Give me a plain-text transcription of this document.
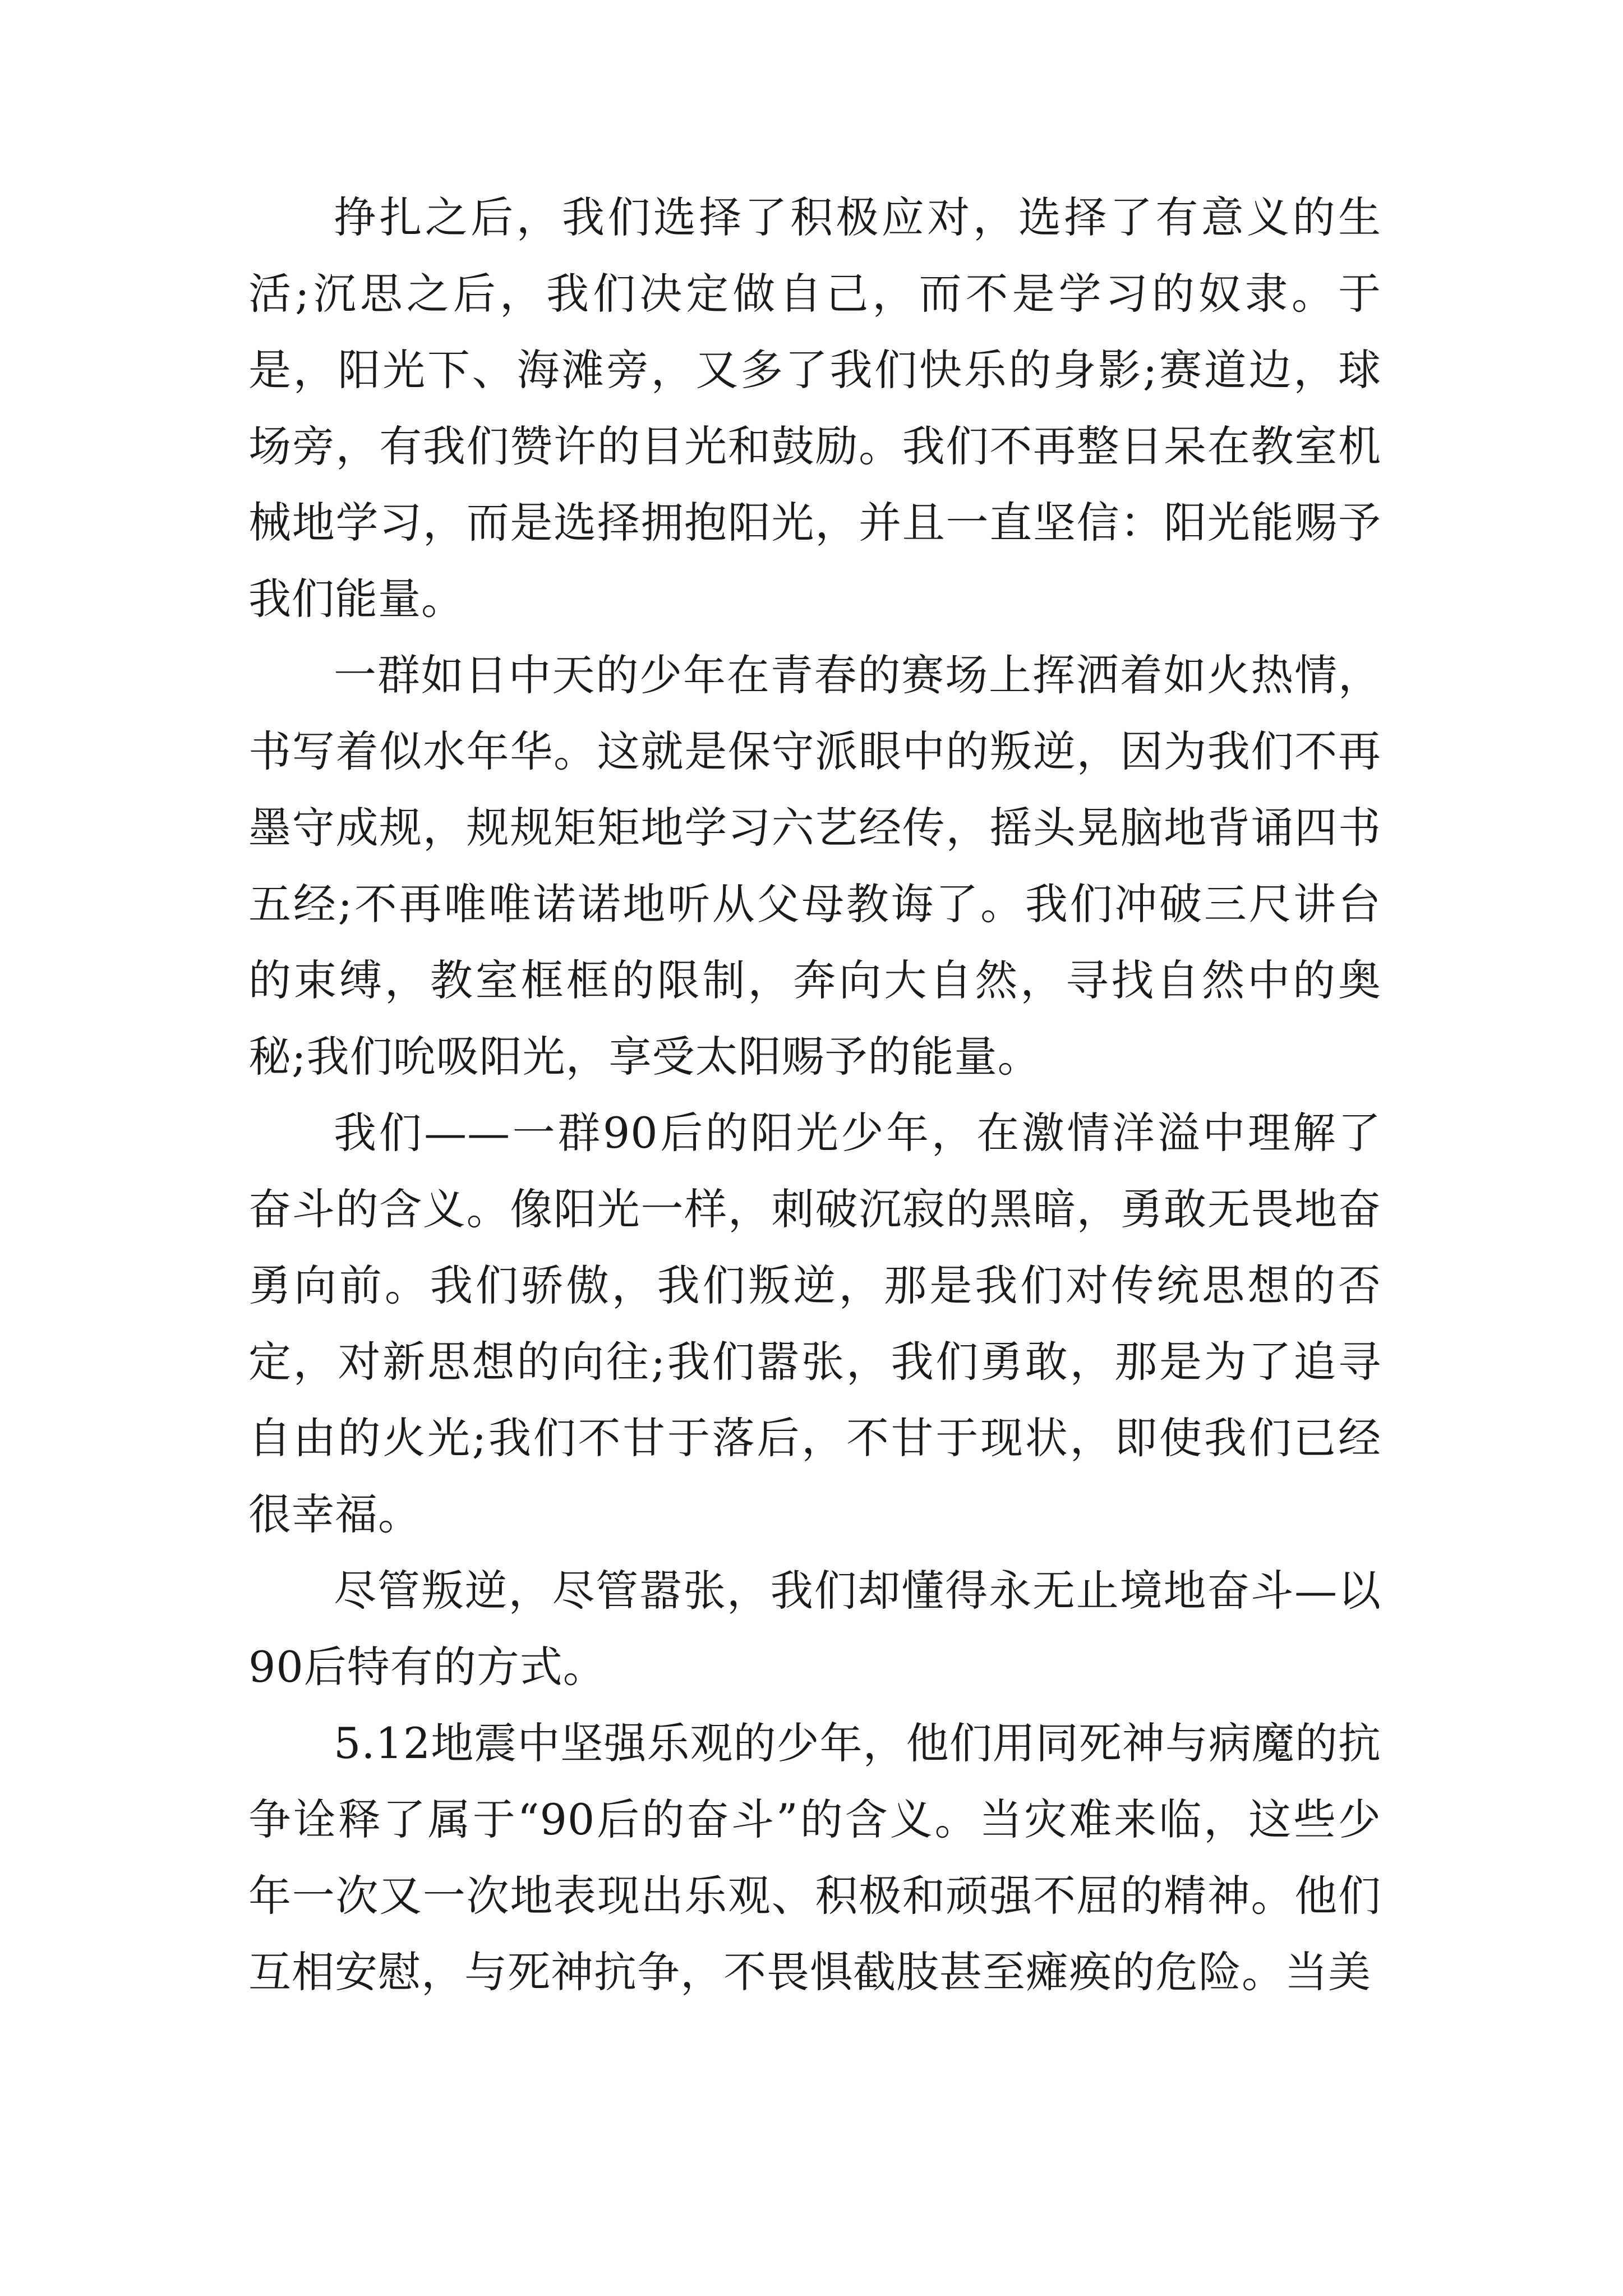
挣扎之后，我们选择了积极应对，选择了有意义的生活;沉思之后，我们决定做自己，而不是学习的奴隶。于是，阳光下、海滩旁，又多了我们快乐的身影;赛道边，球场旁，有我们赞许的目光和鼓励。我们不再整日呆在教室机械地学习，而是选择拥抱阳光，并且一直坚信：阳光能赐予我们能量。

一群如日中天的少年在青春的赛场上挥洒着如火热情，书写着似水年华。这就是保守派眼中的叛逆，因为我们不再墨守成规，规规矩矩地学习六艺经传，摇头晃脑地背诵四书五经;不再唯唯诺诺地听从父母教诲了。我们冲破三尺讲台的束缚，教室框框的限制，奔向大自然，寻找自然中的奥秘;我们吮吸阳光，享受太阳赐予的能量。

我们——一群90后的阳光少年，在激情洋溢中理解了奋斗的含义。像阳光一样，刺破沉寂的黑暗，勇敢无畏地奋勇向前。我们骄傲，我们叛逆，那是我们对传统思想的否定，对新思想的向往;我们嚣张，我们勇敢，那是为了追寻自由的火光;我们不甘于落后，不甘于现状，即使我们已经很幸福。

尽管叛逆，尽管嚣张，我们却懂得永无止境地奋斗—以90后特有的方式。

5.12地震中坚强乐观的少年，他们用同死神与病魔的抗争诠释了属于“90后的奋斗”的含义。当灾难来临，这些少年一次又一次地表现出乐观、积极和顽强不屈的精神。他们互相安慰，与死神抗争，不畏惧截肢甚至瘫痪的危险。当美
